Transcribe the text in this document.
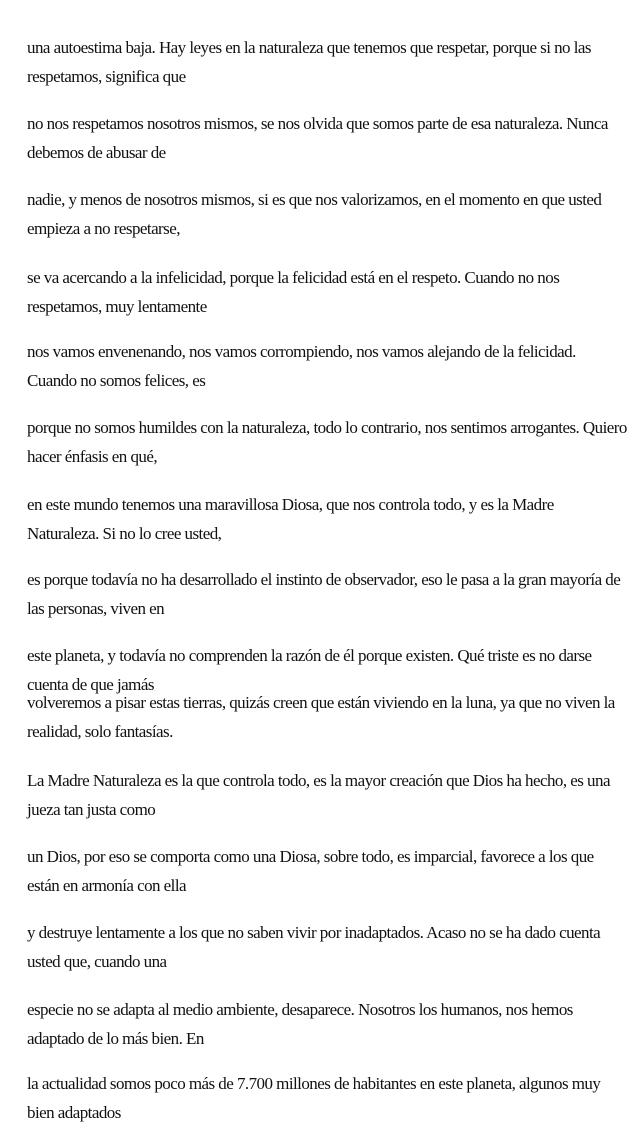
una autoestima baja. Hay leyes en la naturaleza que tenemos que respetar, porque si no las respetamos, significa que

no nos respetamos nosotros mismos, se nos olvida que somos parte de esa naturaleza. Nunca debemos de abusar de

nadie, y menos de nosotros mismos, si es que nos valorizamos, en el momento en que usted empieza a no respetarse,

se va acercando a la infelicidad, porque la felicidad está en el respeto. Cuando no nos respetamos, muy lentamente

nos vamos envenenando, nos vamos corrompiendo, nos vamos alejando de la felicidad. Cuando no somos felices, es

porque no somos humildes con la naturaleza, todo lo contrario, nos sentimos arrogantes. Quiero hacer énfasis en qué,

en este mundo tenemos una maravillosa Diosa, que nos controla todo, y es la Madre Naturaleza. Si no lo cree usted,

es porque todavía no ha desarrollado el instinto de observador, eso le pasa a la gran mayoría de las personas, viven en

este planeta, y todavía no comprenden la razón de él porque existen. Qué triste es no darse cuenta de que jamás

volveremos a pisar estas tierras, quizás creen que están viviendo en la luna, ya que no viven la realidad, solo fantasías.

La Madre Naturaleza es la que controla todo, es la mayor creación que Dios ha hecho, es una jueza tan justa como

un Dios, por eso se comporta como una Diosa, sobre todo, es imparcial, favorece a los que están en armonía con ella

y destruye lentamente a los que no saben vivir por inadaptados. Acaso no se ha dado cuenta usted que, cuando una

especie no se adapta al medio ambiente, desaparece. Nosotros los humanos, nos hemos adaptado de lo más bien. En

la actualidad somos poco más de 7.700 millones de habitantes en este planeta, algunos muy bien adaptados
